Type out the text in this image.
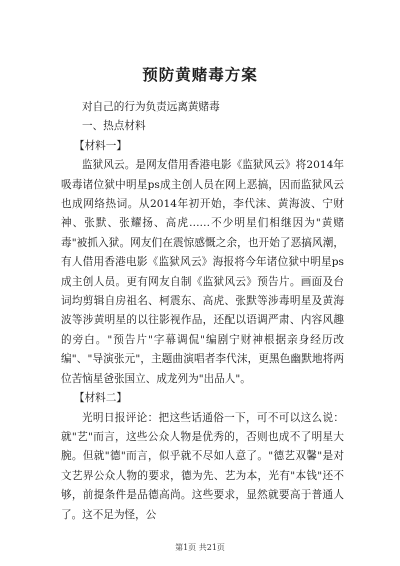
预防黄赌毒方案
对自己的行为负责远离黄赌毒
一、热点材料
【材料一】
监狱风云。是网友借用香港电影《监狱风云》将2014年吸毒诸位狱中明星ps成主创人员在网上恶搞，因而监狱风云也成网络热词。从2014年初开始，李代沫、黄海波、宁财神、张默、张耀扬、高虎……不少明星们相继因为"黄赌毒"被抓入狱。网友们在震惊感慨之余，也开始了恶搞风潮，有人借用香港电影《监狱风云》海报将今年诸位狱中明星ps成主创人员。更有网友自制《监狱风云》预告片。画面及台词均剪辑自房祖名、柯震东、高虎、张默等涉毒明星及黄海波等涉黄明星的以往影视作品，还配以语调严肃、内容风趣的旁白。"预告片"字幕调侃"编剧宁财神根据亲身经历改编"、"导演张元"，主题曲演唱者李代沫，更黑色幽默地将两位苦恼星爸张国立、成龙列为"出品人"。
【材料二】
光明日报评论：把这些话通俗一下，可不可以这么说：就"艺"而言，这些公众人物是优秀的，否则也成不了明星大腕。但就"德"而言，似乎就不尽如人意了。"德艺双馨"是对文艺界公众人物的要求，德为先、艺为本，光有"本钱"还不够，前提条件是品德高尚。这些要求，显然就要高于普通人了。这不足为怪，公
第1页 共21页
